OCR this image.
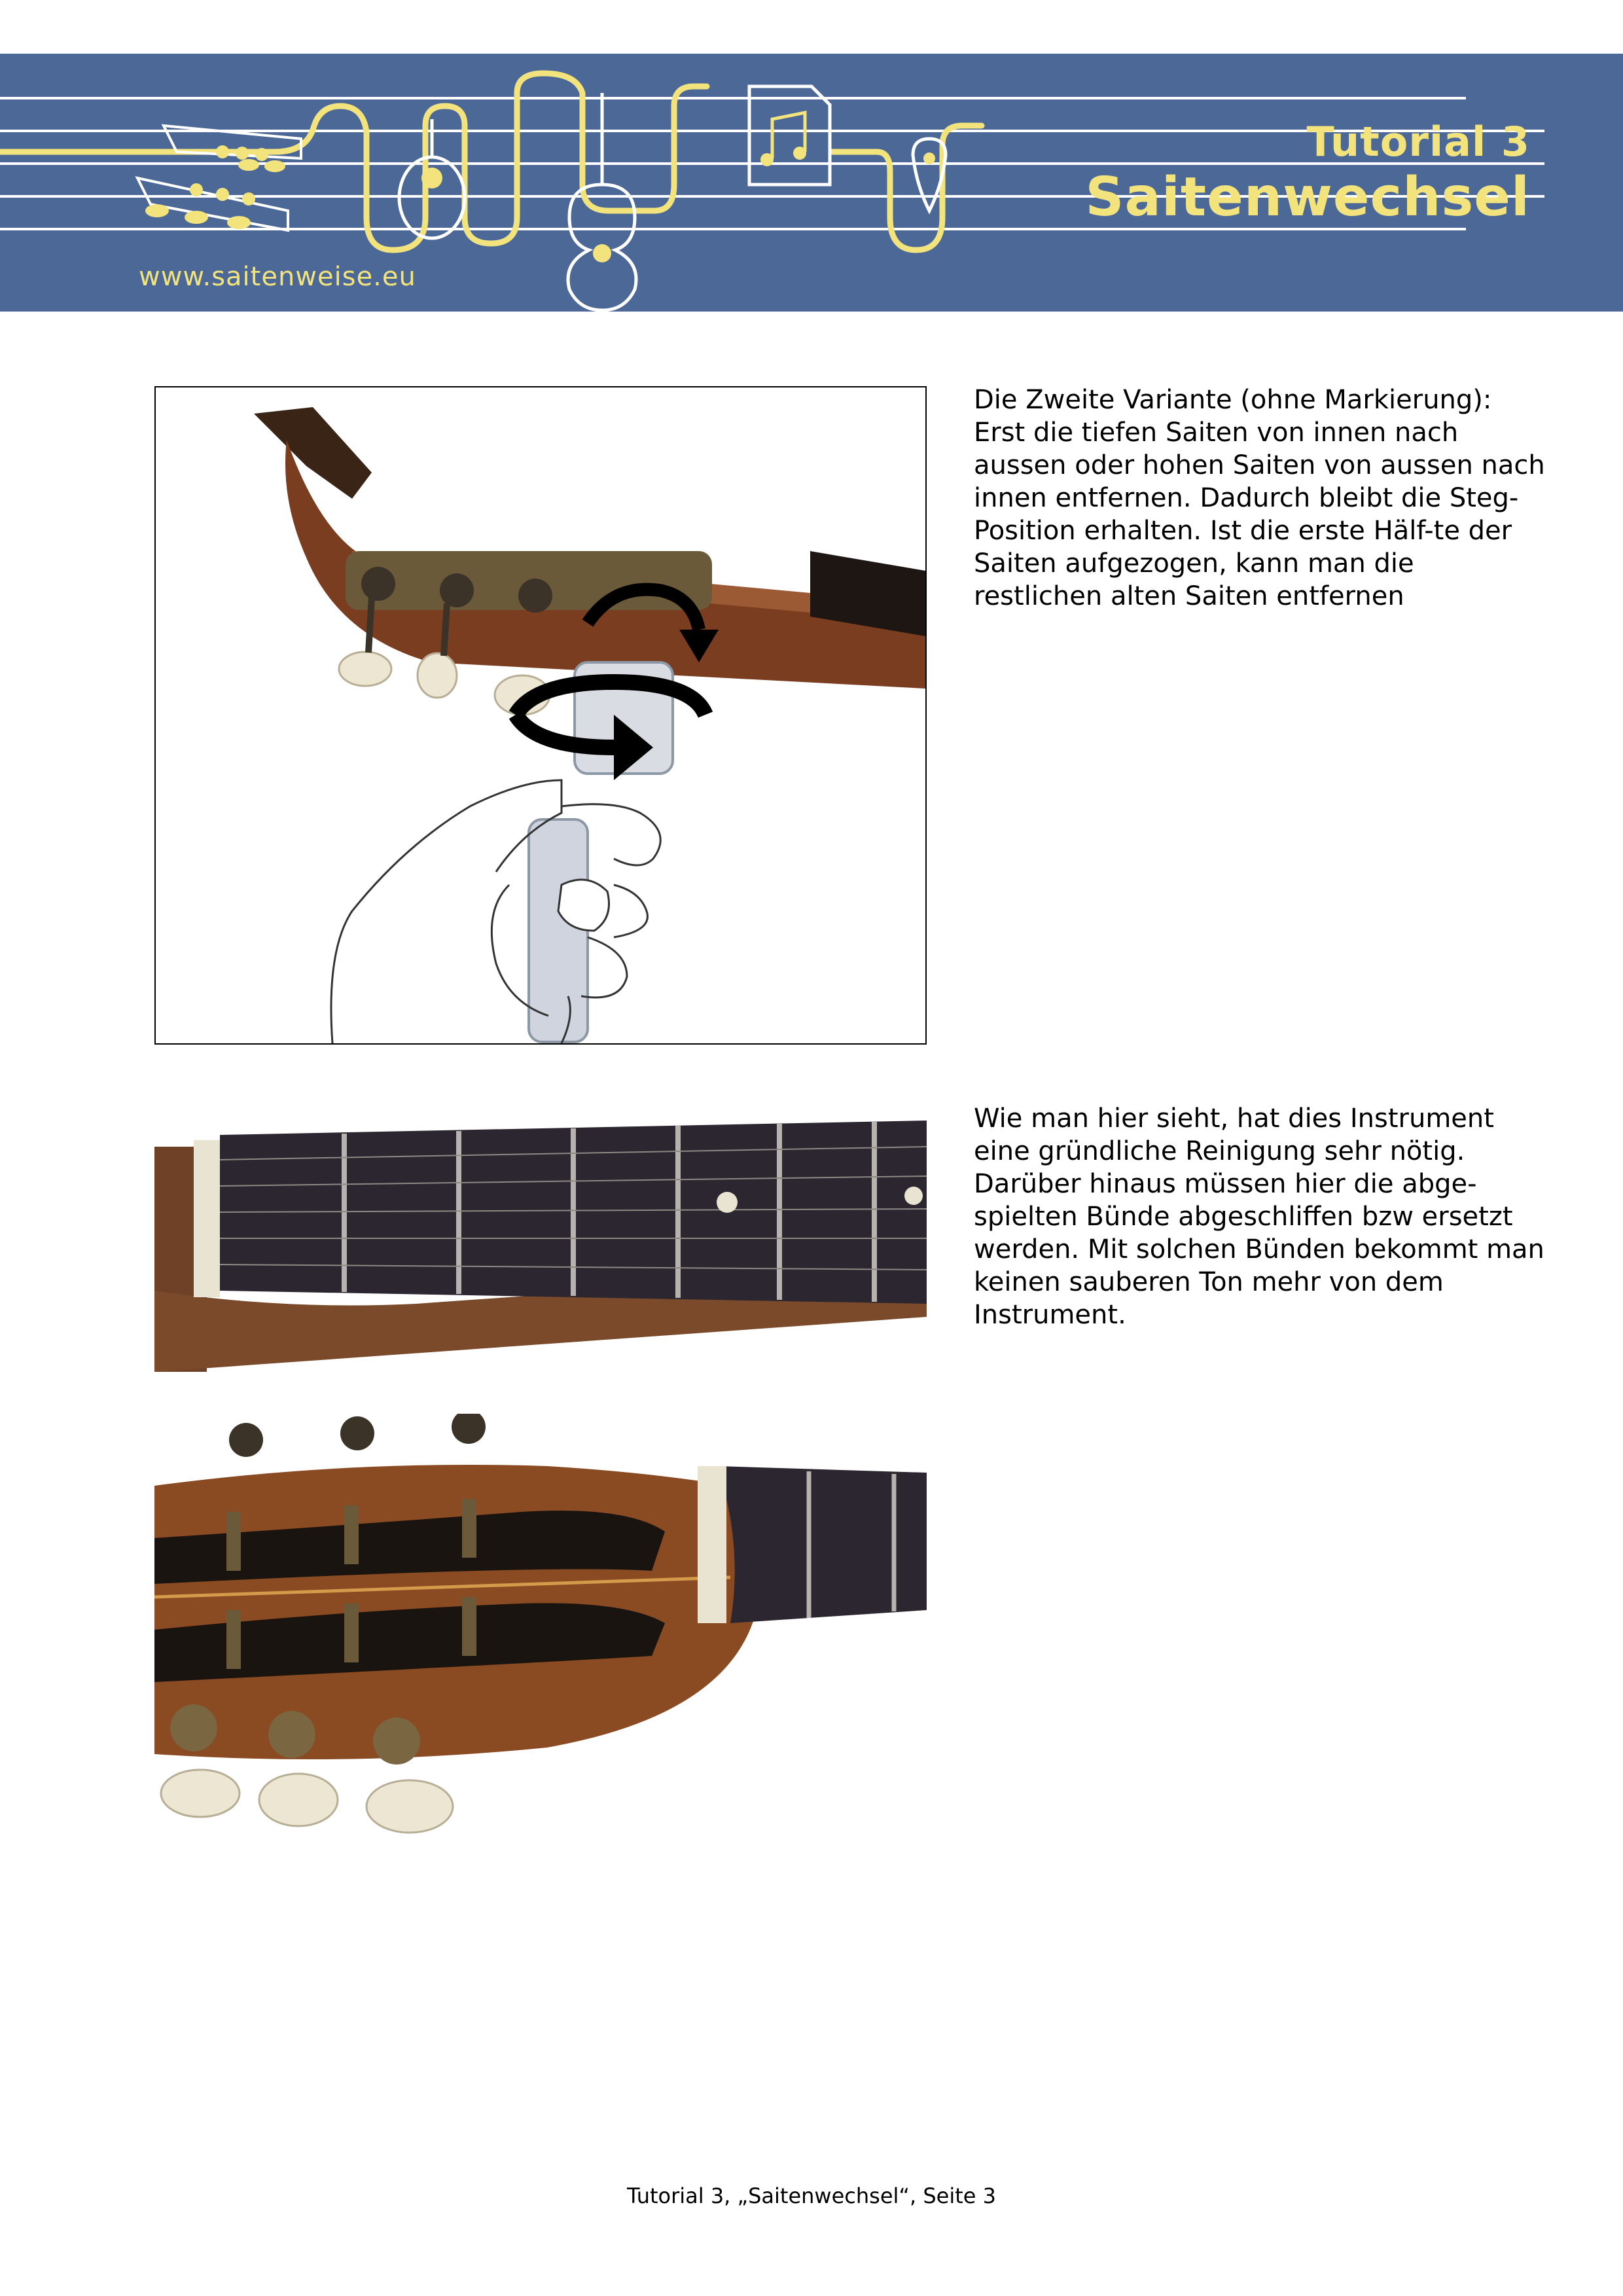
Tutorial 3
Saitenwechsel
www.saitenweise.eu

Die Zweite Variante (ohne Markierung): Erst die tiefen Saiten von innen nach aussen oder hohen Saiten von aussen nach innen entfernen. Dadurch bleibt die Steg-Position erhalten. Ist die erste Hälf-te der Saiten aufgezogen, kann man die restlichen alten Saiten entfernen

Wie man hier sieht, hat dies Instrument eine gründliche Reinigung sehr nötig. Darüber hinaus müssen hier die abge-spielten Bünde abgeschliffen bzw ersetzt werden. Mit solchen Bünden bekommt man keinen sauberen Ton mehr von dem Instrument.

Tutorial 3, „Saitenwechsel“, Seite 3
